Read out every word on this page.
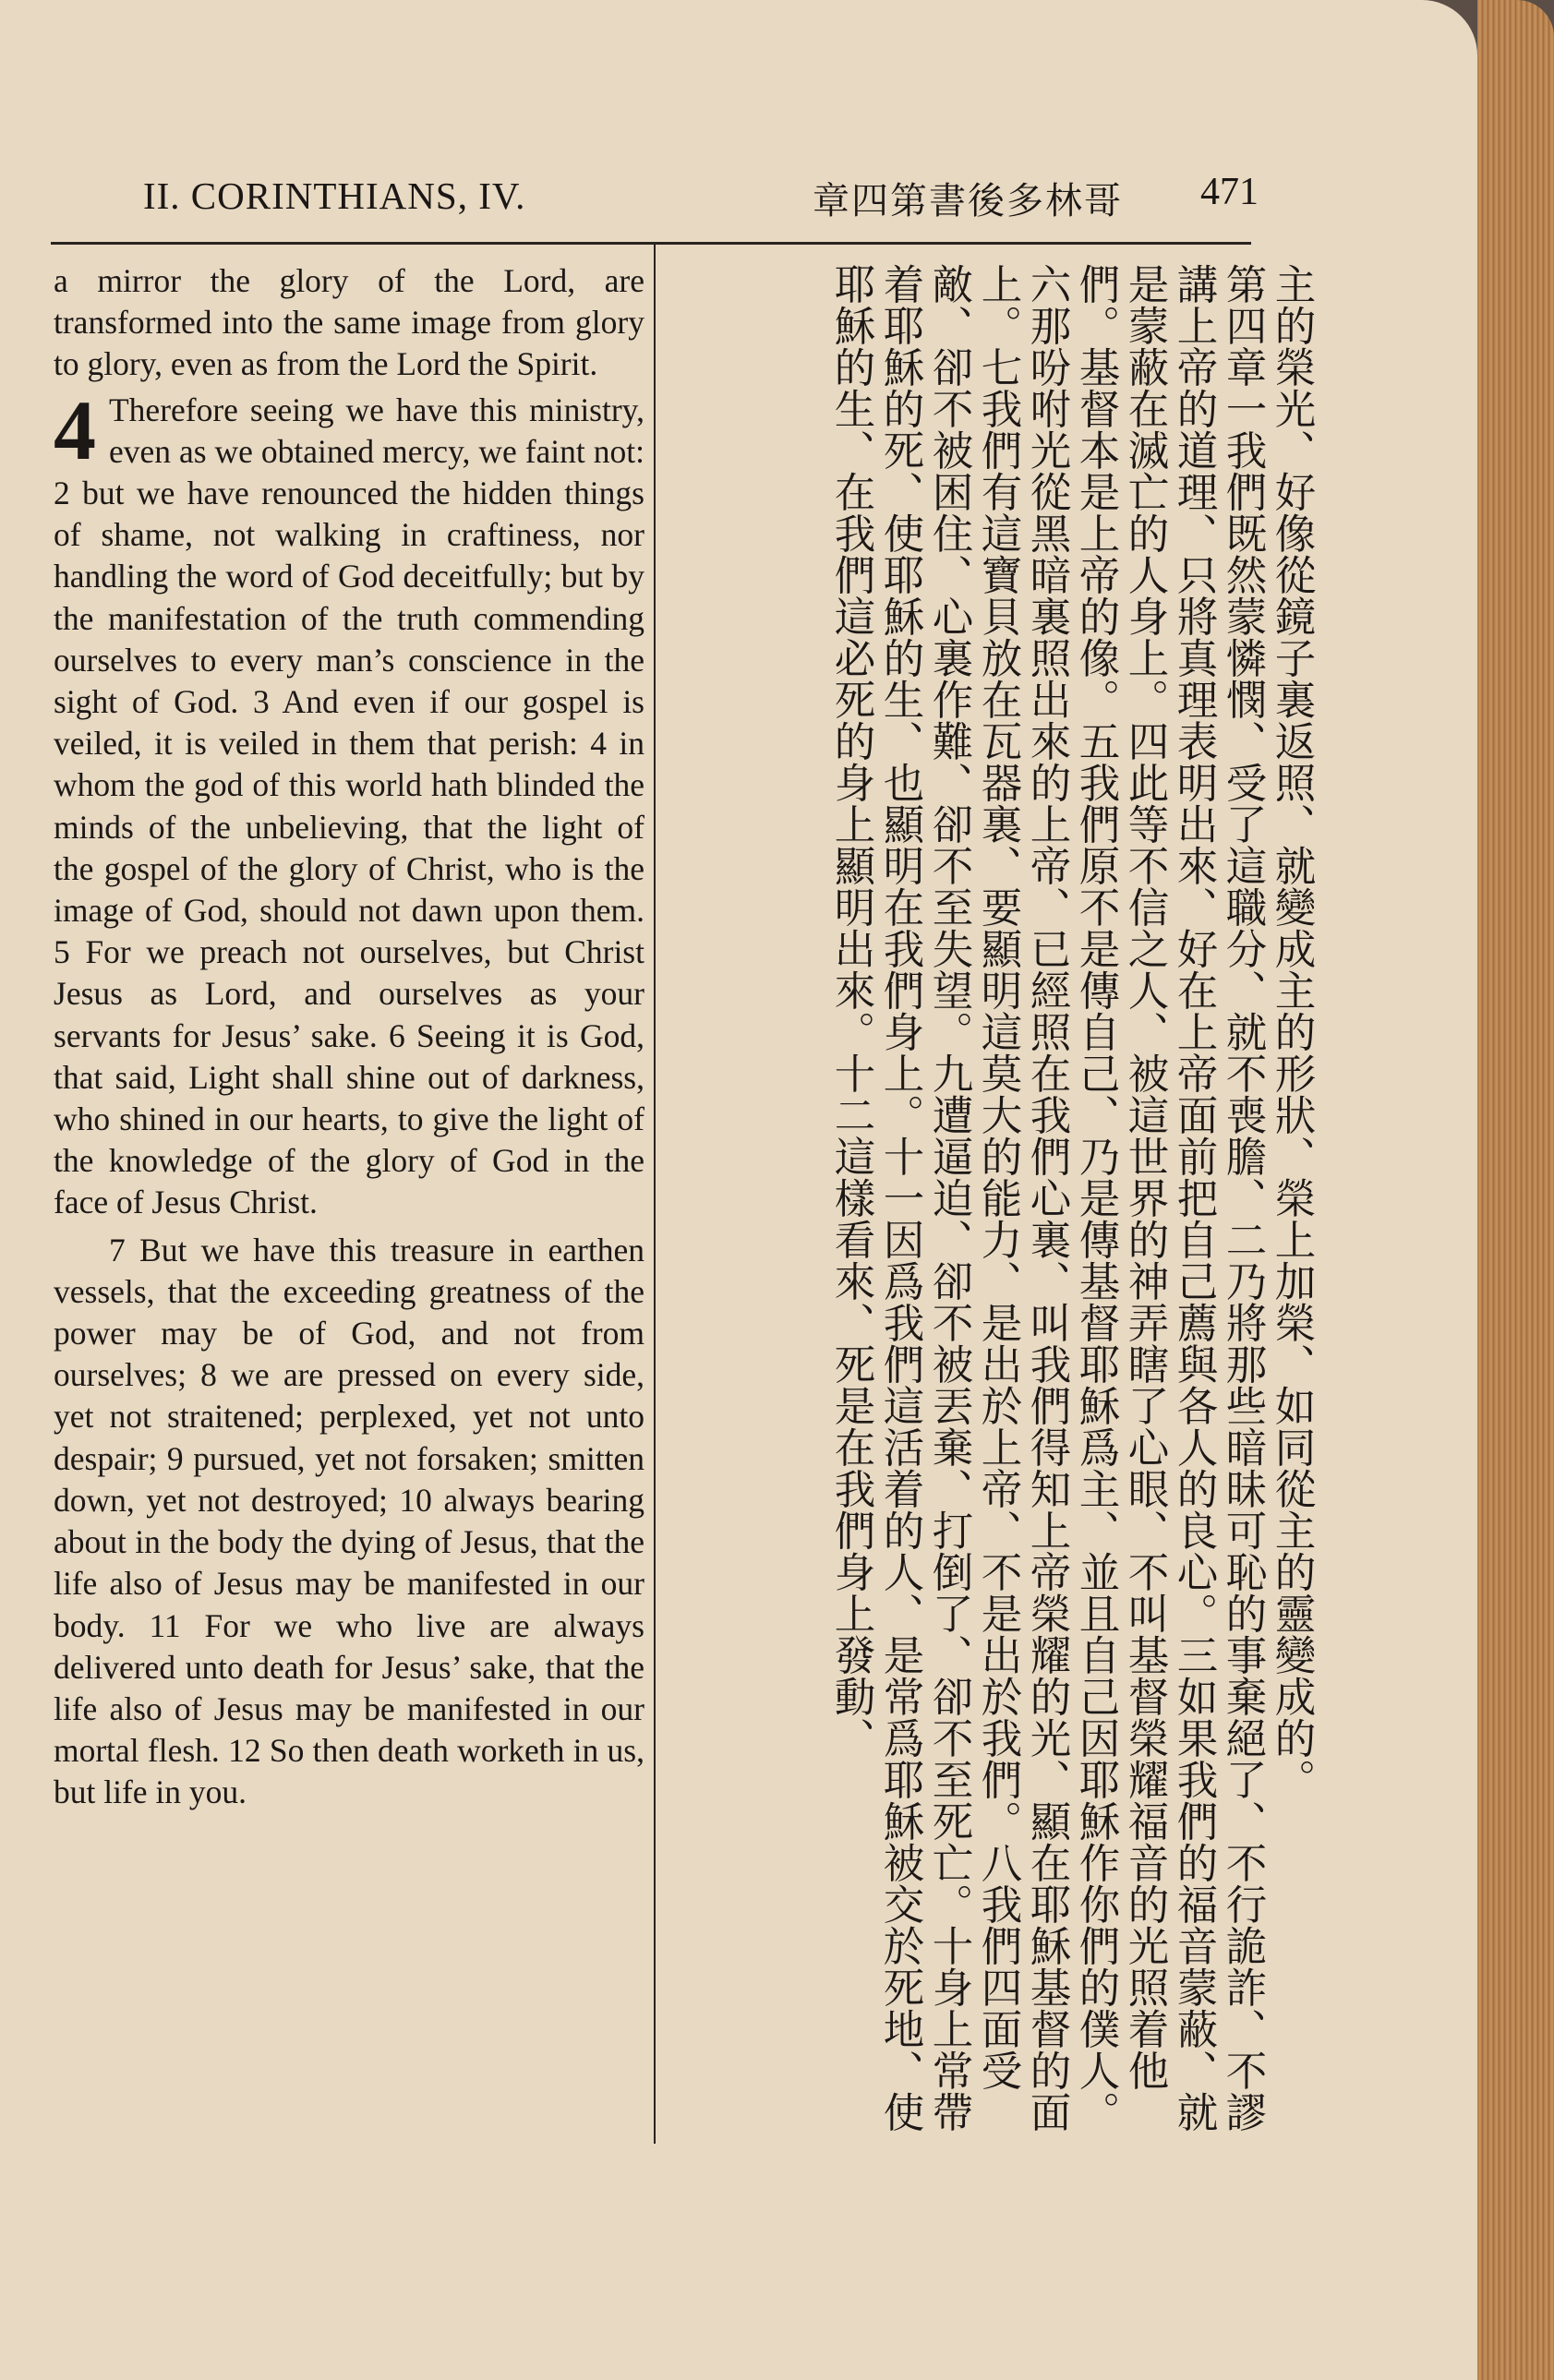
II. CORINTHIANS, IV.	章四第書後多林哥 471

a mirror the glory of the Lord, are transformed into the same image from glory to glory, even as from the Lord the Spirit.

4 Therefore seeing we have this ministry, even as we obtained mercy, we faint not: 2 but we have renounced the hidden things of shame, not walking in craftiness, nor handling the word of God deceitfully; but by the manifestation of the truth commending ourselves to every man’s conscience in the sight of God. 3 And even if our gospel is veiled, it is veiled in them that perish: 4 in whom the god of this world hath blinded the minds of the unbelieving, that the light of the gospel of the glory of Christ, who is the image of God, should not dawn upon them. 5 For we preach not ourselves, but Christ Jesus as Lord, and ourselves as your servants for Jesus’ sake. 6 Seeing it is God, that said, Light shall shine out of darkness, who shined in our hearts, to give the light of the knowledge of the glory of God in the face of Jesus Christ.

7 But we have this treasure in earthen vessels, that the exceeding greatness of the power may be of God, and not from ourselves; 8 we are pressed on every side, yet not straitened; perplexed, yet not unto despair; 9 pursued, yet not forsaken; smitten down, yet not destroyed; 10 always bearing about in the body the dying of Jesus, that the life also of Jesus may be manifested in our body. 11 For we who live are always delivered unto death for Jesus’ sake, that the life also of Jesus may be manifested in our mortal flesh. 12 So then death worketh in us, but life in you.	主的榮光、好像從鏡子裏返照、就變成主的形狀、榮上加榮、如同從主的靈變成的。

第四章一我們既然蒙憐憫、受了這職分、就不喪膽、二乃將那些暗昧可恥的事棄絕了、不行詭詐、不謬講上帝的道理、只將真理表明出來、好在上帝面前把自己薦與各人的良心。三如果我們的福音蒙蔽、就是蒙蔽在滅亡的人身上。四此等不信之人、被這世界的神弄瞎了心眼、不叫基督榮耀福音的光照着他們。基督本是上帝的像。五我們原不是傳自己、乃是傳基督耶穌爲主、並且自己因耶穌作你們的僕人。六那吩咐光從黑暗裏照出來的上帝、已經照在我們心裏、叫我們得知上帝榮耀的光、顯在耶穌基督的面上。七我們有這寶貝放在瓦器裏、要顯明這莫大的能力、是出於上帝、不是出於我們。八我們四面受敵、卻不被困住、心裏作難、卻不至失望。九遭逼迫、卻不被丟棄、打倒了、卻不至死亡。十身上常帶着耶穌的死、使耶穌的生、也顯明在我們身上。十一因爲我們這活着的人、是常爲耶穌被交於死地、使耶穌的生、在我們這必死的身上顯明出來。十二這樣看來、死是在我們身上發動、
